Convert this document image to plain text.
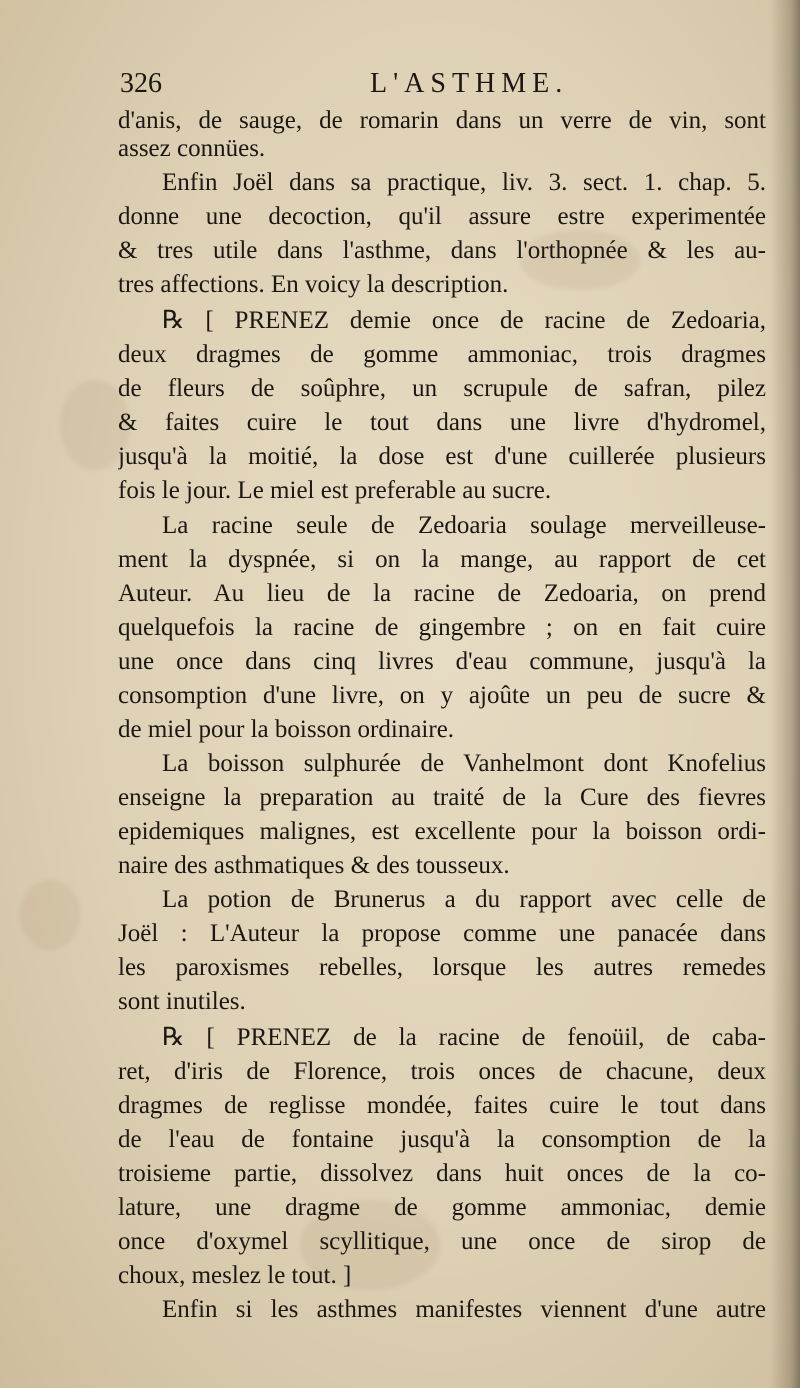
326	L'ASTHME.
d'anis, de sauge, de romarin dans un verre de vin, sont
assez connües.
Enfin Joël dans sa practique, liv. 3. sect. 1. chap. 5.
donne une decoction, qu'il assure estre experimentée
& tres utile dans l'asthme, dans l'orthopnée & les au-
tres affections. En voicy la description.
℞ [ PRENEZ demie once de racine de Zedoaria,
deux dragmes de gomme ammoniac, trois dragmes
de fleurs de soûphre, un scrupule de safran, pilez
& faites cuire le tout dans une livre d'hydromel,
jusqu'à la moitié, la dose est d'une cuillerée plusieurs
fois le jour. Le miel est preferable au sucre.
La racine seule de Zedoaria soulage merveilleuse-
ment la dyspnée, si on la mange, au rapport de cet
Auteur. Au lieu de la racine de Zedoaria, on prend
quelquefois la racine de gingembre ; on en fait cuire
une once dans cinq livres d'eau commune, jusqu'à la
consomption d'une livre, on y ajoûte un peu de sucre &
de miel pour la boisson ordinaire.
La boisson sulphurée de Vanhelmont dont Knofelius
enseigne la preparation au traité de la Cure des fievres
epidemiques malignes, est excellente pour la boisson ordi-
naire des asthmatiques & des tousseux.
La potion de Brunerus a du rapport avec celle de
Joël : L'Auteur la propose comme une panacée dans
les paroxismes rebelles, lorsque les autres remedes
sont inutiles.
℞ [ PRENEZ de la racine de fenoüil, de caba-
ret, d'iris de Florence, trois onces de chacune, deux
dragmes de reglisse mondée, faites cuire le tout dans
de l'eau de fontaine jusqu'à la consomption de la
troisieme partie, dissolvez dans huit onces de la co-
lature, une dragme de gomme ammoniac, demie
once d'oxymel scyllitique, une once de sirop de
choux, meslez le tout. ]
Enfin si les asthmes manifestes viennent d'une autre
